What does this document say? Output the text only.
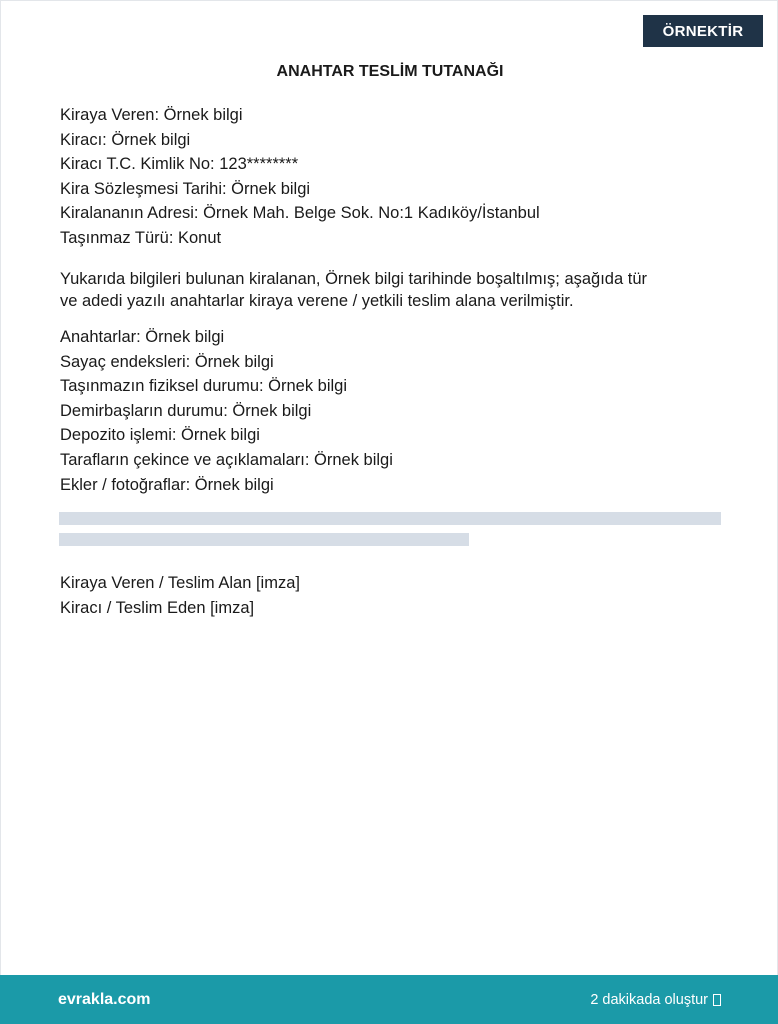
ÖRNEKTİR
ANAHTAR TESLİM TUTANAĞI
Kiraya Veren: Örnek bilgi
Kiracı: Örnek bilgi
Kiracı T.C. Kimlik No: 123********
Kira Sözleşmesi Tarihi: Örnek bilgi
Kiralananın Adresi: Örnek Mah. Belge Sok. No:1 Kadıköy/İstanbul
Taşınmaz Türü: Konut
Yukarıda bilgileri bulunan kiralanan, Örnek bilgi tarihinde boşaltılmış; aşağıda tür
ve adedi yazılı anahtarlar kiraya verene / yetkili teslim alana verilmiştir.
Anahtarlar: Örnek bilgi
Sayaç endeksleri: Örnek bilgi
Taşınmazın fiziksel durumu: Örnek bilgi
Demirbaşların durumu: Örnek bilgi
Depozito işlemi: Örnek bilgi
Tarafların çekince ve açıklamaları: Örnek bilgi
Ekler / fotoğraflar: Örnek bilgi
Kiraya Veren / Teslim Alan [imza]
Kiracı / Teslim Eden [imza]
evrakla.com	2 dakikada oluştur
